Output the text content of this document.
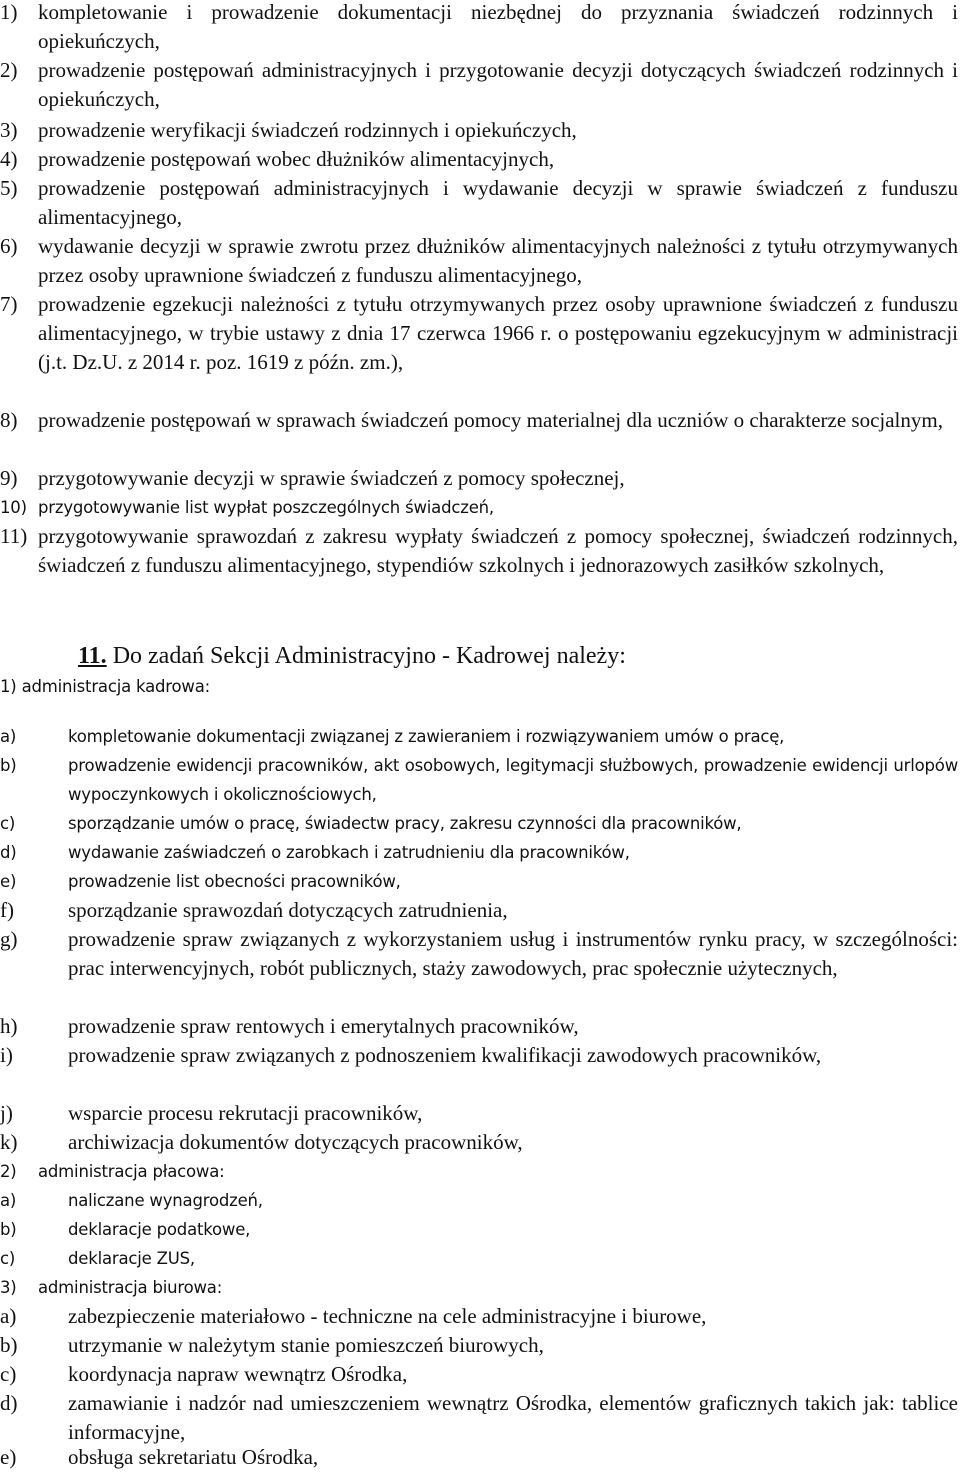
1) kompletowanie i prowadzenie dokumentacji niezbędnej do przyznania świadczeń rodzinnych i opiekuńczych,
2) prowadzenie postępowań administracyjnych i przygotowanie decyzji dotyczących świadczeń rodzinnych i opiekuńczych,
3) prowadzenie weryfikacji świadczeń rodzinnych i opiekuńczych,
4) prowadzenie postępowań wobec dłużników alimentacyjnych,
5) prowadzenie postępowań administracyjnych i wydawanie decyzji w sprawie świadczeń z funduszu alimentacyjnego,
6) wydawanie decyzji w sprawie zwrotu przez dłużników alimentacyjnych należności z tytułu otrzymywanych przez osoby uprawnione świadczeń z funduszu alimentacyjnego,
7) prowadzenie egzekucji należności z tytułu otrzymywanych przez osoby uprawnione świadczeń z funduszu alimentacyjnego, w trybie ustawy z dnia 17 czerwca 1966 r. o postępowaniu egzekucyjnym w administracji (j.t. Dz.U. z 2014 r. poz. 1619 z późn. zm.),
8) prowadzenie postępowań w sprawach świadczeń pomocy materialnej dla uczniów o charakterze socjalnym,
9) przygotowywanie decyzji w sprawie świadczeń z pomocy społecznej,
10) przygotowywanie list wypłat poszczególnych świadczeń,
11) przygotowywanie sprawozdań z zakresu wypłaty świadczeń z pomocy społecznej, świadczeń rodzinnych, świadczeń z funduszu alimentacyjnego, stypendiów szkolnych i jednorazowych zasiłków szkolnych,
11. Do zadań Sekcji Administracyjno - Kadrowej należy:
1) administracja kadrowa:
a)	kompletowanie dokumentacji związanej z zawieraniem i rozwiązywaniem umów o pracę,
b)	prowadzenie ewidencji pracowników, akt osobowych, legitymacji służbowych, prowadzenie ewidencji urlopów wypoczynkowych i okolicznościowych,
c)	sporządzanie umów o pracę, świadectw pracy, zakresu czynności dla pracowników,
d)	wydawanie zaświadczeń o zarobkach i zatrudnieniu dla pracowników,
e)	prowadzenie list obecności pracowników,
f)	sporządzanie sprawozdań dotyczących zatrudnienia,
g) prowadzenie spraw związanych z wykorzystaniem usług i instrumentów rynku pracy, w szczególności: prac interwencyjnych, robót publicznych, staży zawodowych, prac społecznie użytecznych,
h) prowadzenie spraw rentowych i emerytalnych pracowników,
i)	prowadzenie spraw związanych z podnoszeniem kwalifikacji zawodowych pracowników,
j)	wsparcie procesu rekrutacji pracowników,
k) archiwizacja dokumentów dotyczących pracowników,
2) administracja płacowa:
a)	naliczane wynagrodzeń,
b)	deklaracje podatkowe,
c)	deklaracje ZUS,
3) administracja biurowa:
a) zabezpieczenie materiałowo - techniczne na cele administracyjne i biurowe,
b) utrzymanie w należytym stanie pomieszczeń biurowych,
c) koordynacja napraw wewnątrz Ośrodka,
d) zamawianie i nadzór nad umieszczeniem wewnątrz Ośrodka, elementów graficznych takich jak: tablice informacyjne,
e) obsługa sekretariatu Ośrodka,
